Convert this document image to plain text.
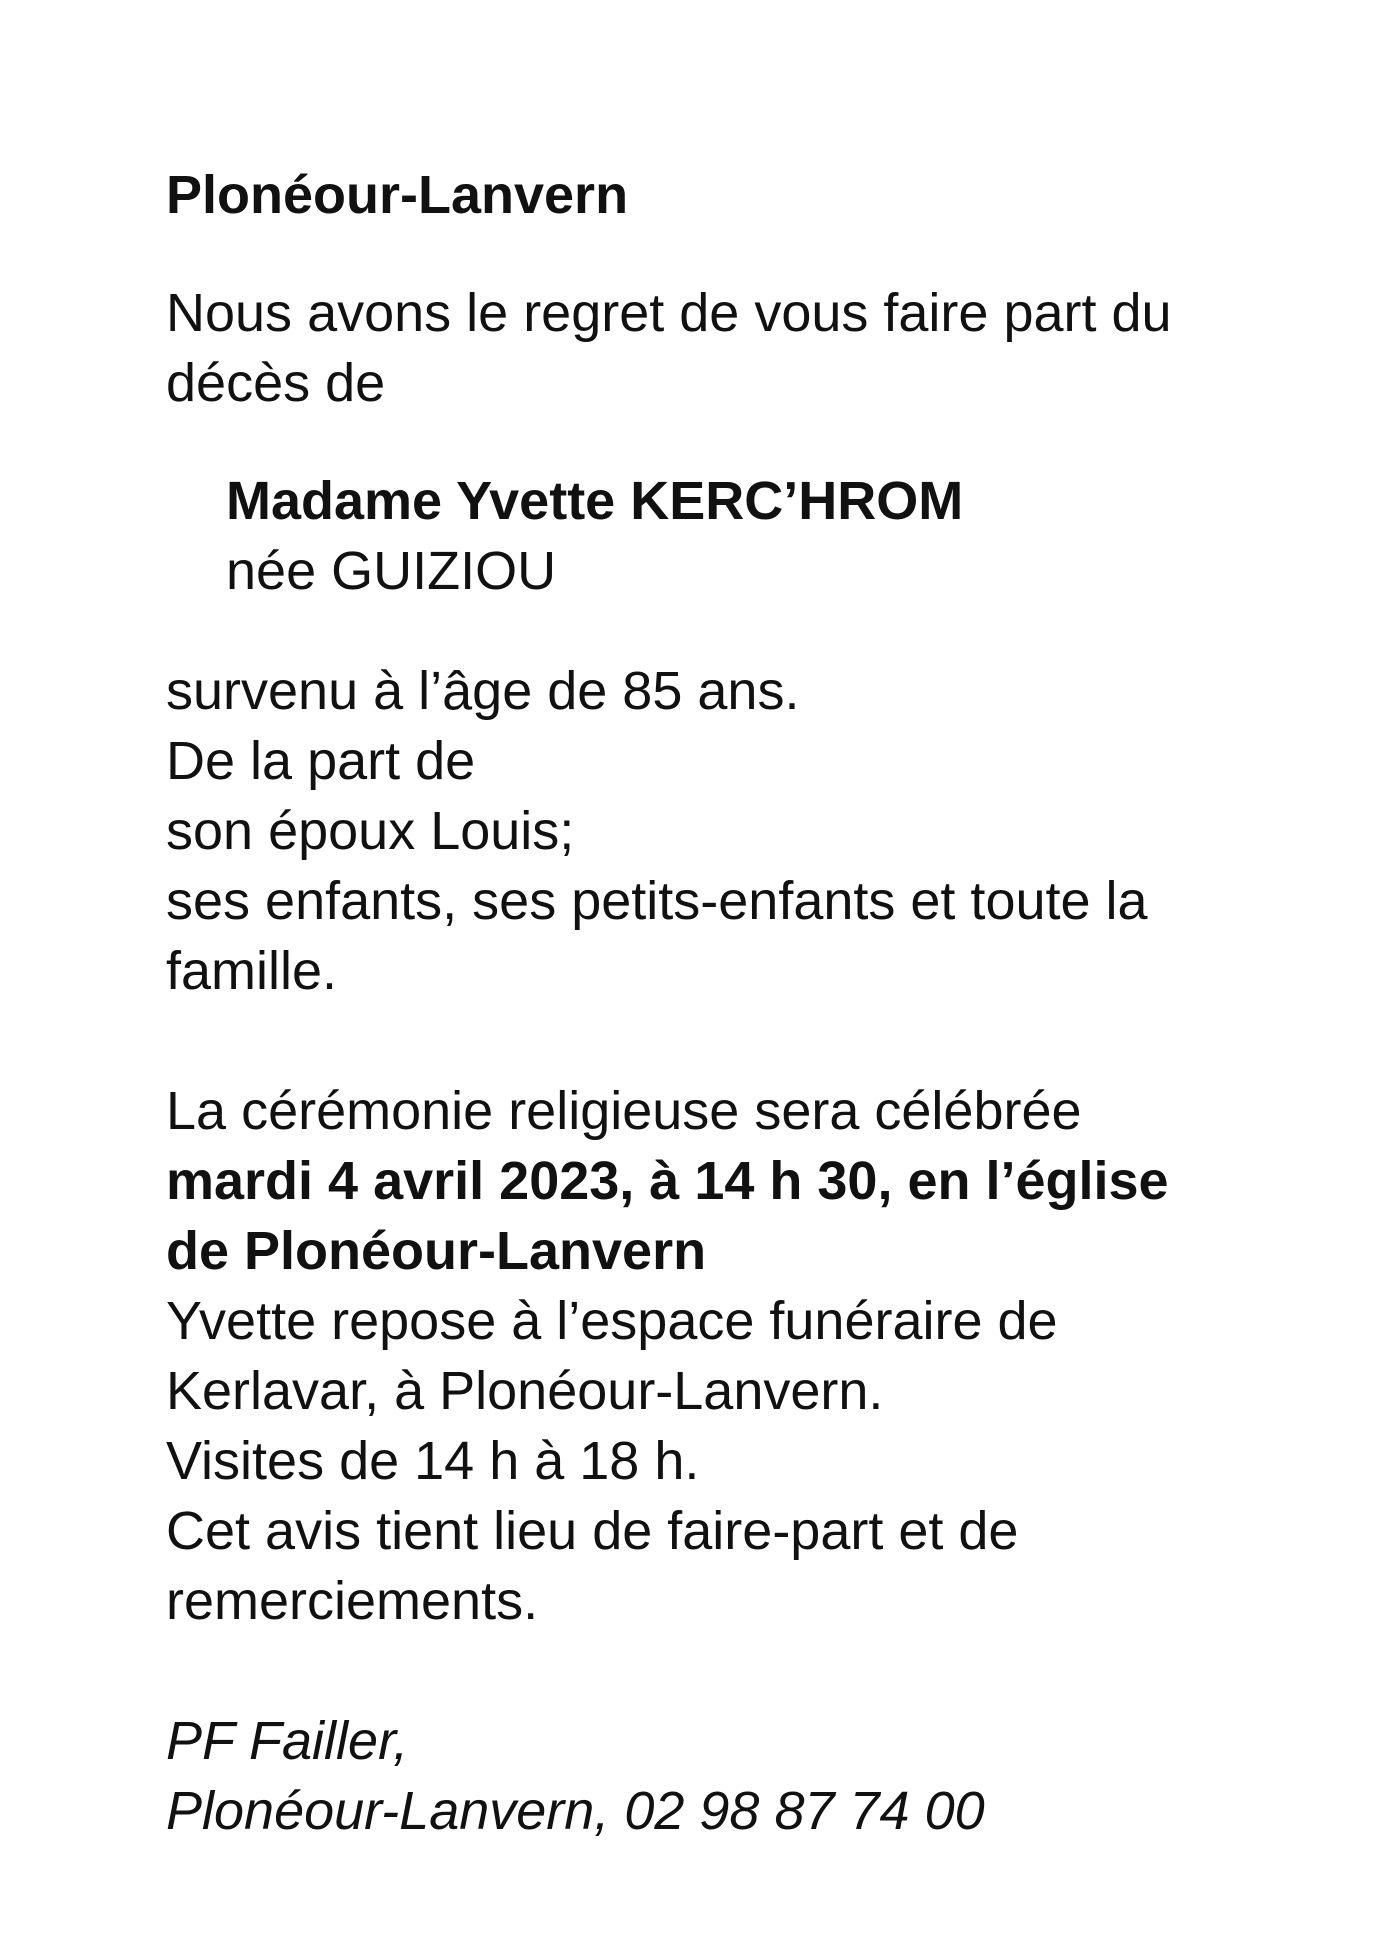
Plonéour-Lanvern
Nous avons le regret de vous faire part du décès de
Madame Yvette KERC’HROM
née GUIZIOU
survenu à l’âge de 85 ans.
De la part de
son époux Louis;
ses enfants, ses petits-enfants et toute la famille.
La cérémonie religieuse sera célébrée
mardi 4 avril 2023, à 14 h 30, en l’église de Plonéour-Lanvern
Yvette repose à l’espace funéraire de Kerlavar, à Plonéour-Lanvern.
Visites de 14 h à 18 h.
Cet avis tient lieu de faire-part et de remerciements.
PF Failler,
Plonéour-Lanvern, 02 98 87 74 00
